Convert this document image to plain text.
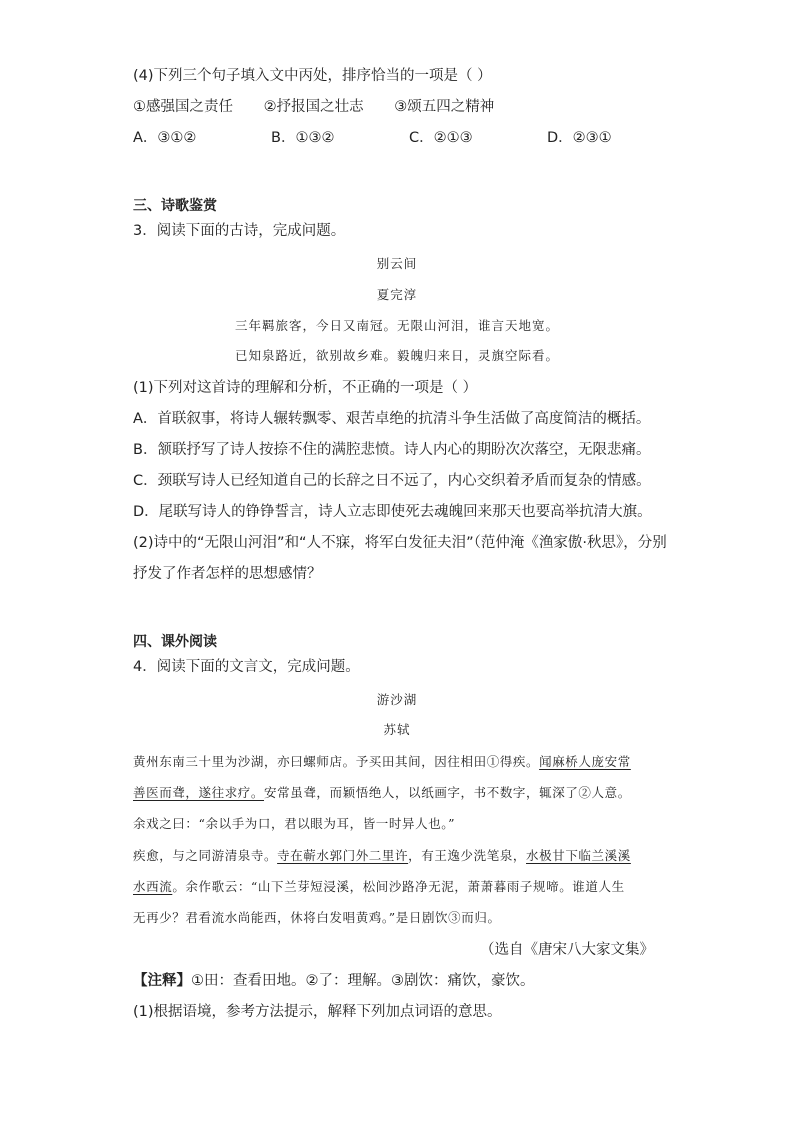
(4)下列三个句子填入文中丙处，排序恰当的一项是（ ）
①感强国之责任 ②抒报国之壮志 ③颂五四之精神
A．③①②	B．①③②	C．②①③	D．②③①
三、诗歌鉴赏
3．阅读下面的古诗，完成问题。
别云间
夏完淳
三年羁旅客，今日又南冠。无限山河泪，谁言天地宽。
已知泉路近，欲别故乡难。毅魄归来日，灵旗空际看。
(1)下列对这首诗的理解和分析，不正确的一项是（ ）
A．首联叙事，将诗人辗转飘零、艰苦卓绝的抗清斗争生活做了高度简洁的概括。
B．颔联抒写了诗人按捺不住的满腔悲愤。诗人内心的期盼次次落空，无限悲痛。
C．颈联写诗人已经知道自己的长辞之日不远了，内心交织着矛盾而复杂的情感。
D．尾联写诗人的铮铮誓言，诗人立志即使死去魂魄回来那天也要高举抗清大旗。
(2)诗中的“无限山河泪”和“人不寐，将军白发征夫泪”（范仲淹《渔家傲·秋思》，分别
抒发了作者怎样的思想感情？
四、课外阅读
4．阅读下面的文言文，完成问题。
游沙湖
苏轼
黄州东南三十里为沙湖，亦曰螺师店。予买田其间，因往相田①得疾。闻麻桥人庞安常
善医而聋，遂往求疗。安常虽聋，而颖悟绝人，以纸画字，书不数字，辄深了②人意。
余戏之曰：“余以手为口，君以眼为耳，皆一时异人也。”
疾愈，与之同游清泉寺。寺在蕲水郭门外二里许，有王逸少洗笔泉，水极甘下临兰溪溪
水西流。余作歌云：“山下兰芽短浸溪，松间沙路净无泥，萧萧暮雨子规啼。谁道人生
无再少？君看流水尚能西，休将白发唱黄鸡。”是日剧饮③而归。
（选自《唐宋八大家文集》
【注释】①田：查看田地。②了：理解。③剧饮：痛饮，豪饮。
(1)根据语境，参考方法提示，解释下列加点词语的意思。
